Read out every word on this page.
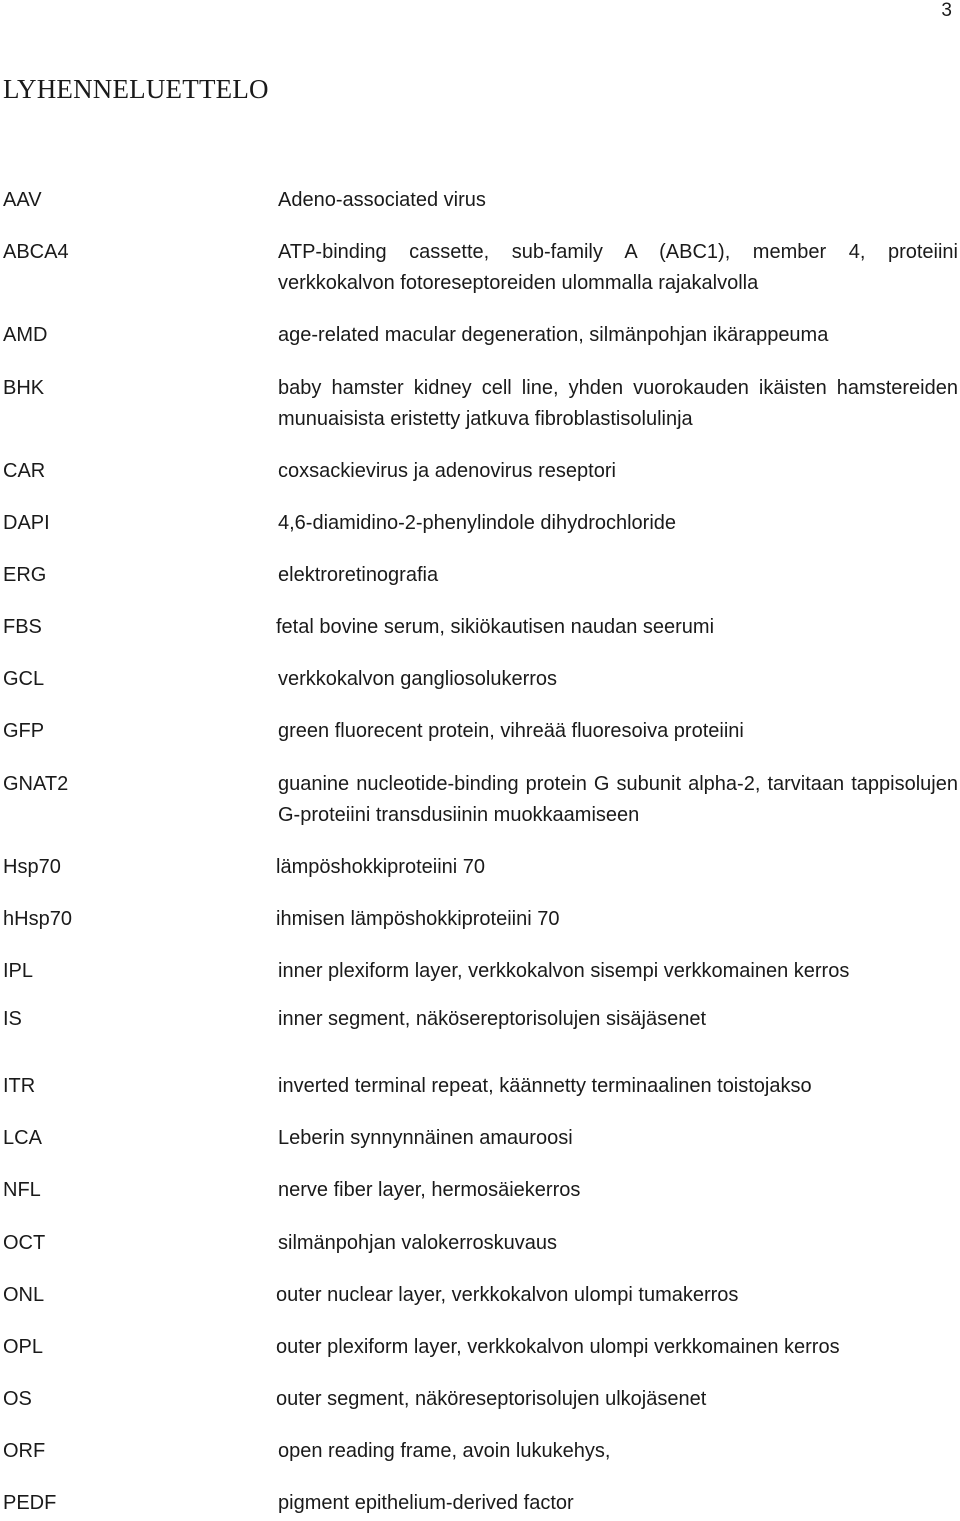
3
LYHENNELUETTELO
AAV	Adeno-associated virus
ABCA4	ATP-binding cassette, sub-family A (ABC1), member 4, proteiini verkkokalvon fotoreseptoreiden ulommalla rajakalvolla
AMD	age-related macular degeneration, silmänpohjan ikärappeuma
BHK	baby hamster kidney cell line, yhden vuorokauden ikäisten hamstereiden munuaisista eristetty jatkuva fibroblastisolulinja
CAR	coxsackievirus ja adenovirus reseptori
DAPI	4,6-diamidino-2-phenylindole dihydrochloride
ERG	elektroretinografia
FBS	fetal bovine serum, sikiökautisen naudan seerumi
GCL	verkkokalvon gangliosolukerros
GFP	green fluorecent protein, vihreää fluoresoiva proteiini
GNAT2	guanine nucleotide-binding protein G subunit alpha-2, tarvitaan tappisolujen G-proteiini transdusiinin muokkaamiseen
Hsp70	lämpöshokkiproteiini 70
hHsp70	ihmisen lämpöshokkiproteiini 70
IPL	inner plexiform layer, verkkokalvon sisempi verkkomainen kerros
IS	inner segment, näkösereptorisolujen sisäjäsenet
ITR	inverted terminal repeat, käännetty terminaalinen toistojakso
LCA	Leberin synnynnäinen amauroosi
NFL	nerve fiber layer, hermosäiekerros
OCT	silmänpohjan valokerroskuvaus
ONL	outer nuclear layer, verkkokalvon ulompi tumakerros
OPL	outer plexiform layer, verkkokalvon ulompi verkkomainen kerros
OS	outer segment, näköreseptorisolujen ulkojäsenet
ORF	open reading frame, avoin lukukehys,
PEDF	pigment epithelium-derived factor
